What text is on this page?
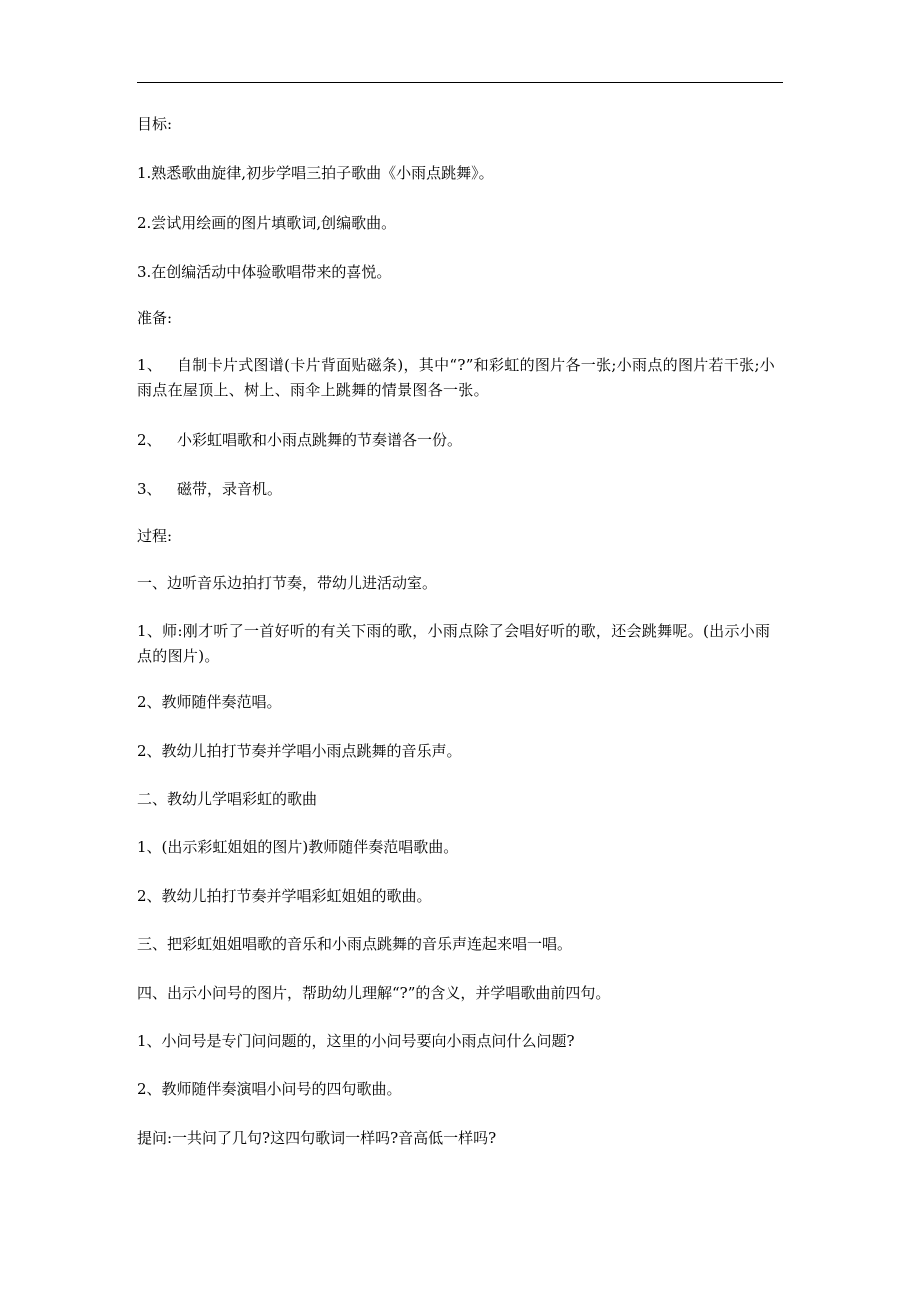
目标:
1.熟悉歌曲旋律,初步学唱三拍子歌曲《小雨点跳舞》。
2.尝试用绘画的图片填歌词,创编歌曲。
3.在创编活动中体验歌唱带来的喜悦。
准备:
1、 自制卡片式图谱(卡片背面贴磁条)，其中“?”和彩虹的图片各一张;小雨点的图片若干张;小雨点在屋顶上、树上、雨伞上跳舞的情景图各一张。
2、 小彩虹唱歌和小雨点跳舞的节奏谱各一份。
3、 磁带，录音机。
过程:
一、边听音乐边拍打节奏，带幼儿进活动室。
1、师:刚才听了一首好听的有关下雨的歌，小雨点除了会唱好听的歌，还会跳舞呢。(出示小雨点的图片)。
2、教师随伴奏范唱。
2、教幼儿拍打节奏并学唱小雨点跳舞的音乐声。
二、教幼儿学唱彩虹的歌曲
1、(出示彩虹姐姐的图片)教师随伴奏范唱歌曲。
2、教幼儿拍打节奏并学唱彩虹姐姐的歌曲。
三、把彩虹姐姐唱歌的音乐和小雨点跳舞的音乐声连起来唱一唱。
四、出示小问号的图片，帮助幼儿理解“?”的含义，并学唱歌曲前四句。
1、小问号是专门问问题的，这里的小问号要向小雨点问什么问题?
2、教师随伴奏演唱小问号的四句歌曲。
提问:一共问了几句?这四句歌词一样吗?音高低一样吗?
